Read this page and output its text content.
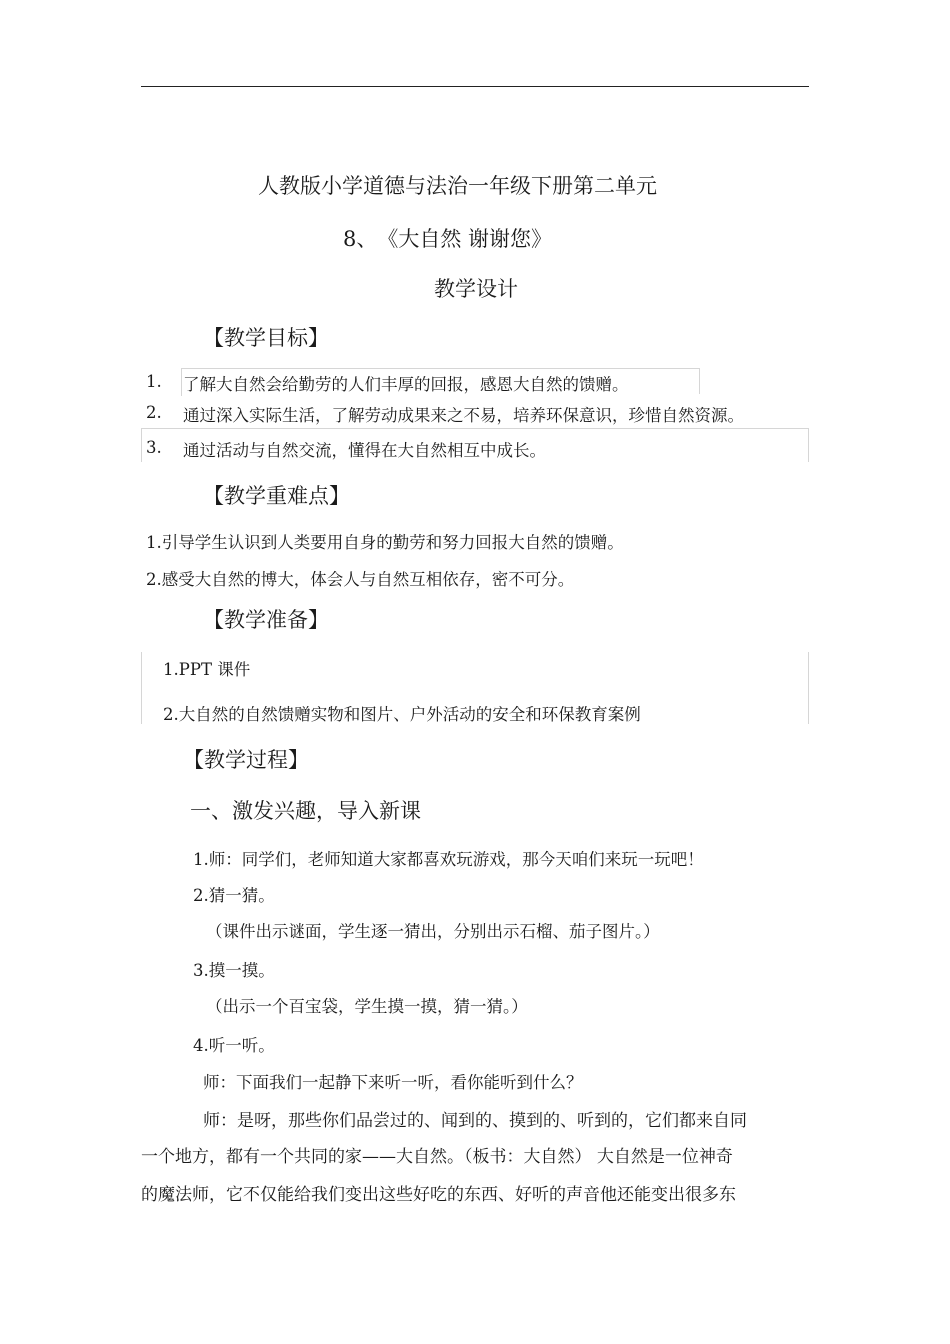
人教版小学道德与法治一年级下册第二单元
8、　《大自然 谢谢您》
教学设计
【教学目标】
1.	了解大自然会给勤劳的人们丰厚的回报，感恩大自然的馈赠。
2.	通过深入实际生活，了解劳动成果来之不易，培养环保意识，珍惜自然资源。
3.	通过活动与自然交流，懂得在大自然相互中成长。
【教学重难点】
1.引导学生认识到人类要用自身的勤劳和努力回报大自然的馈赠。
2.感受大自然的博大，体会人与自然互相依存，密不可分。
【教学准备】
1.PPT 课件
2.大自然的自然馈赠实物和图片、户外活动的安全和环保教育案例
【教学过程】
一、激发兴趣，导入新课
1.师：同学们，老师知道大家都喜欢玩游戏，那今天咱们来玩一玩吧！
2.猜一猜。
（课件出示谜面，学生逐一猜出，分别出示石榴、茄子图片。）
3.摸一摸。
（出示一个百宝袋，学生摸一摸，猜一猜。）
4.听一听。
师：下面我们一起静下来听一听，看你能听到什么？
师：是呀，那些你们品尝过的、闻到的、摸到的、听到的，它们都来自同
一个地方，都有一个共同的家——大自然。（板书：大自然） 大自然是一位神奇
的魔法师，它不仅能给我们变出这些好吃的东西、好听的声音他还能变出很多东
